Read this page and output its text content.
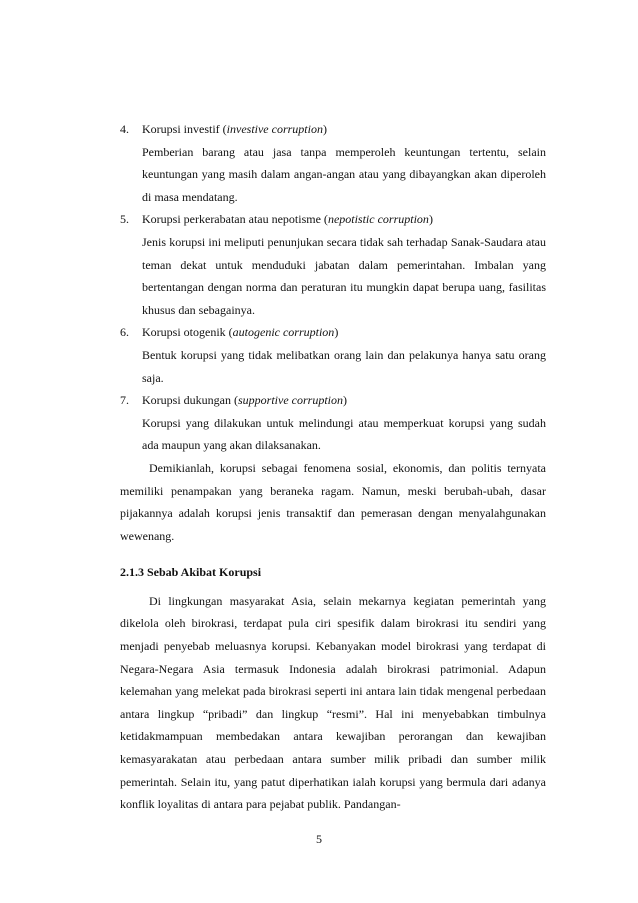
4. Korupsi investif (investive corruption)

Pemberian barang atau jasa tanpa memperoleh keuntungan tertentu, selain keuntungan yang masih dalam angan-angan atau yang dibayangkan akan diperoleh di masa mendatang.

5. Korupsi perkerabatan atau nepotisme (nepotistic corruption)

Jenis korupsi ini meliputi penunjukan secara tidak sah terhadap Sanak-Saudara atau teman dekat untuk menduduki jabatan dalam pemerintahan. Imbalan yang bertentangan dengan norma dan peraturan itu mungkin dapat berupa uang, fasilitas khusus dan sebagainya.

6. Korupsi otogenik (autogenic corruption)

Bentuk korupsi yang tidak melibatkan orang lain dan pelakunya hanya satu orang saja.

7. Korupsi dukungan (supportive corruption)

Korupsi yang dilakukan untuk melindungi atau memperkuat korupsi yang sudah ada maupun yang akan dilaksanakan.

Demikianlah, korupsi sebagai fenomena sosial, ekonomis, dan politis ternyata memiliki penampakan yang beraneka ragam. Namun, meski berubah-ubah, dasar pijakannya adalah korupsi jenis transaktif dan pemerasan dengan menyalahgunakan wewenang.

2.1.3 Sebab Akibat Korupsi

Di lingkungan masyarakat Asia, selain mekarnya kegiatan pemerintah yang dikelola oleh birokrasi, terdapat pula ciri spesifik dalam birokrasi itu sendiri yang menjadi penyebab meluasnya korupsi. Kebanyakan model birokrasi yang terdapat di Negara-Negara Asia termasuk Indonesia adalah birokrasi patrimonial. Adapun kelemahan yang melekat pada birokrasi seperti ini antara lain tidak mengenal perbedaan antara lingkup “pribadi” dan lingkup “resmi”. Hal ini menyebabkan timbulnya ketidakmampuan membedakan antara kewajiban perorangan dan kewajiban kemasyarakatan atau perbedaan antara sumber milik pribadi dan sumber milik pemerintah. Selain itu, yang patut diperhatikan ialah korupsi yang bermula dari adanya konflik loyalitas di antara para pejabat publik. Pandangan-

5
